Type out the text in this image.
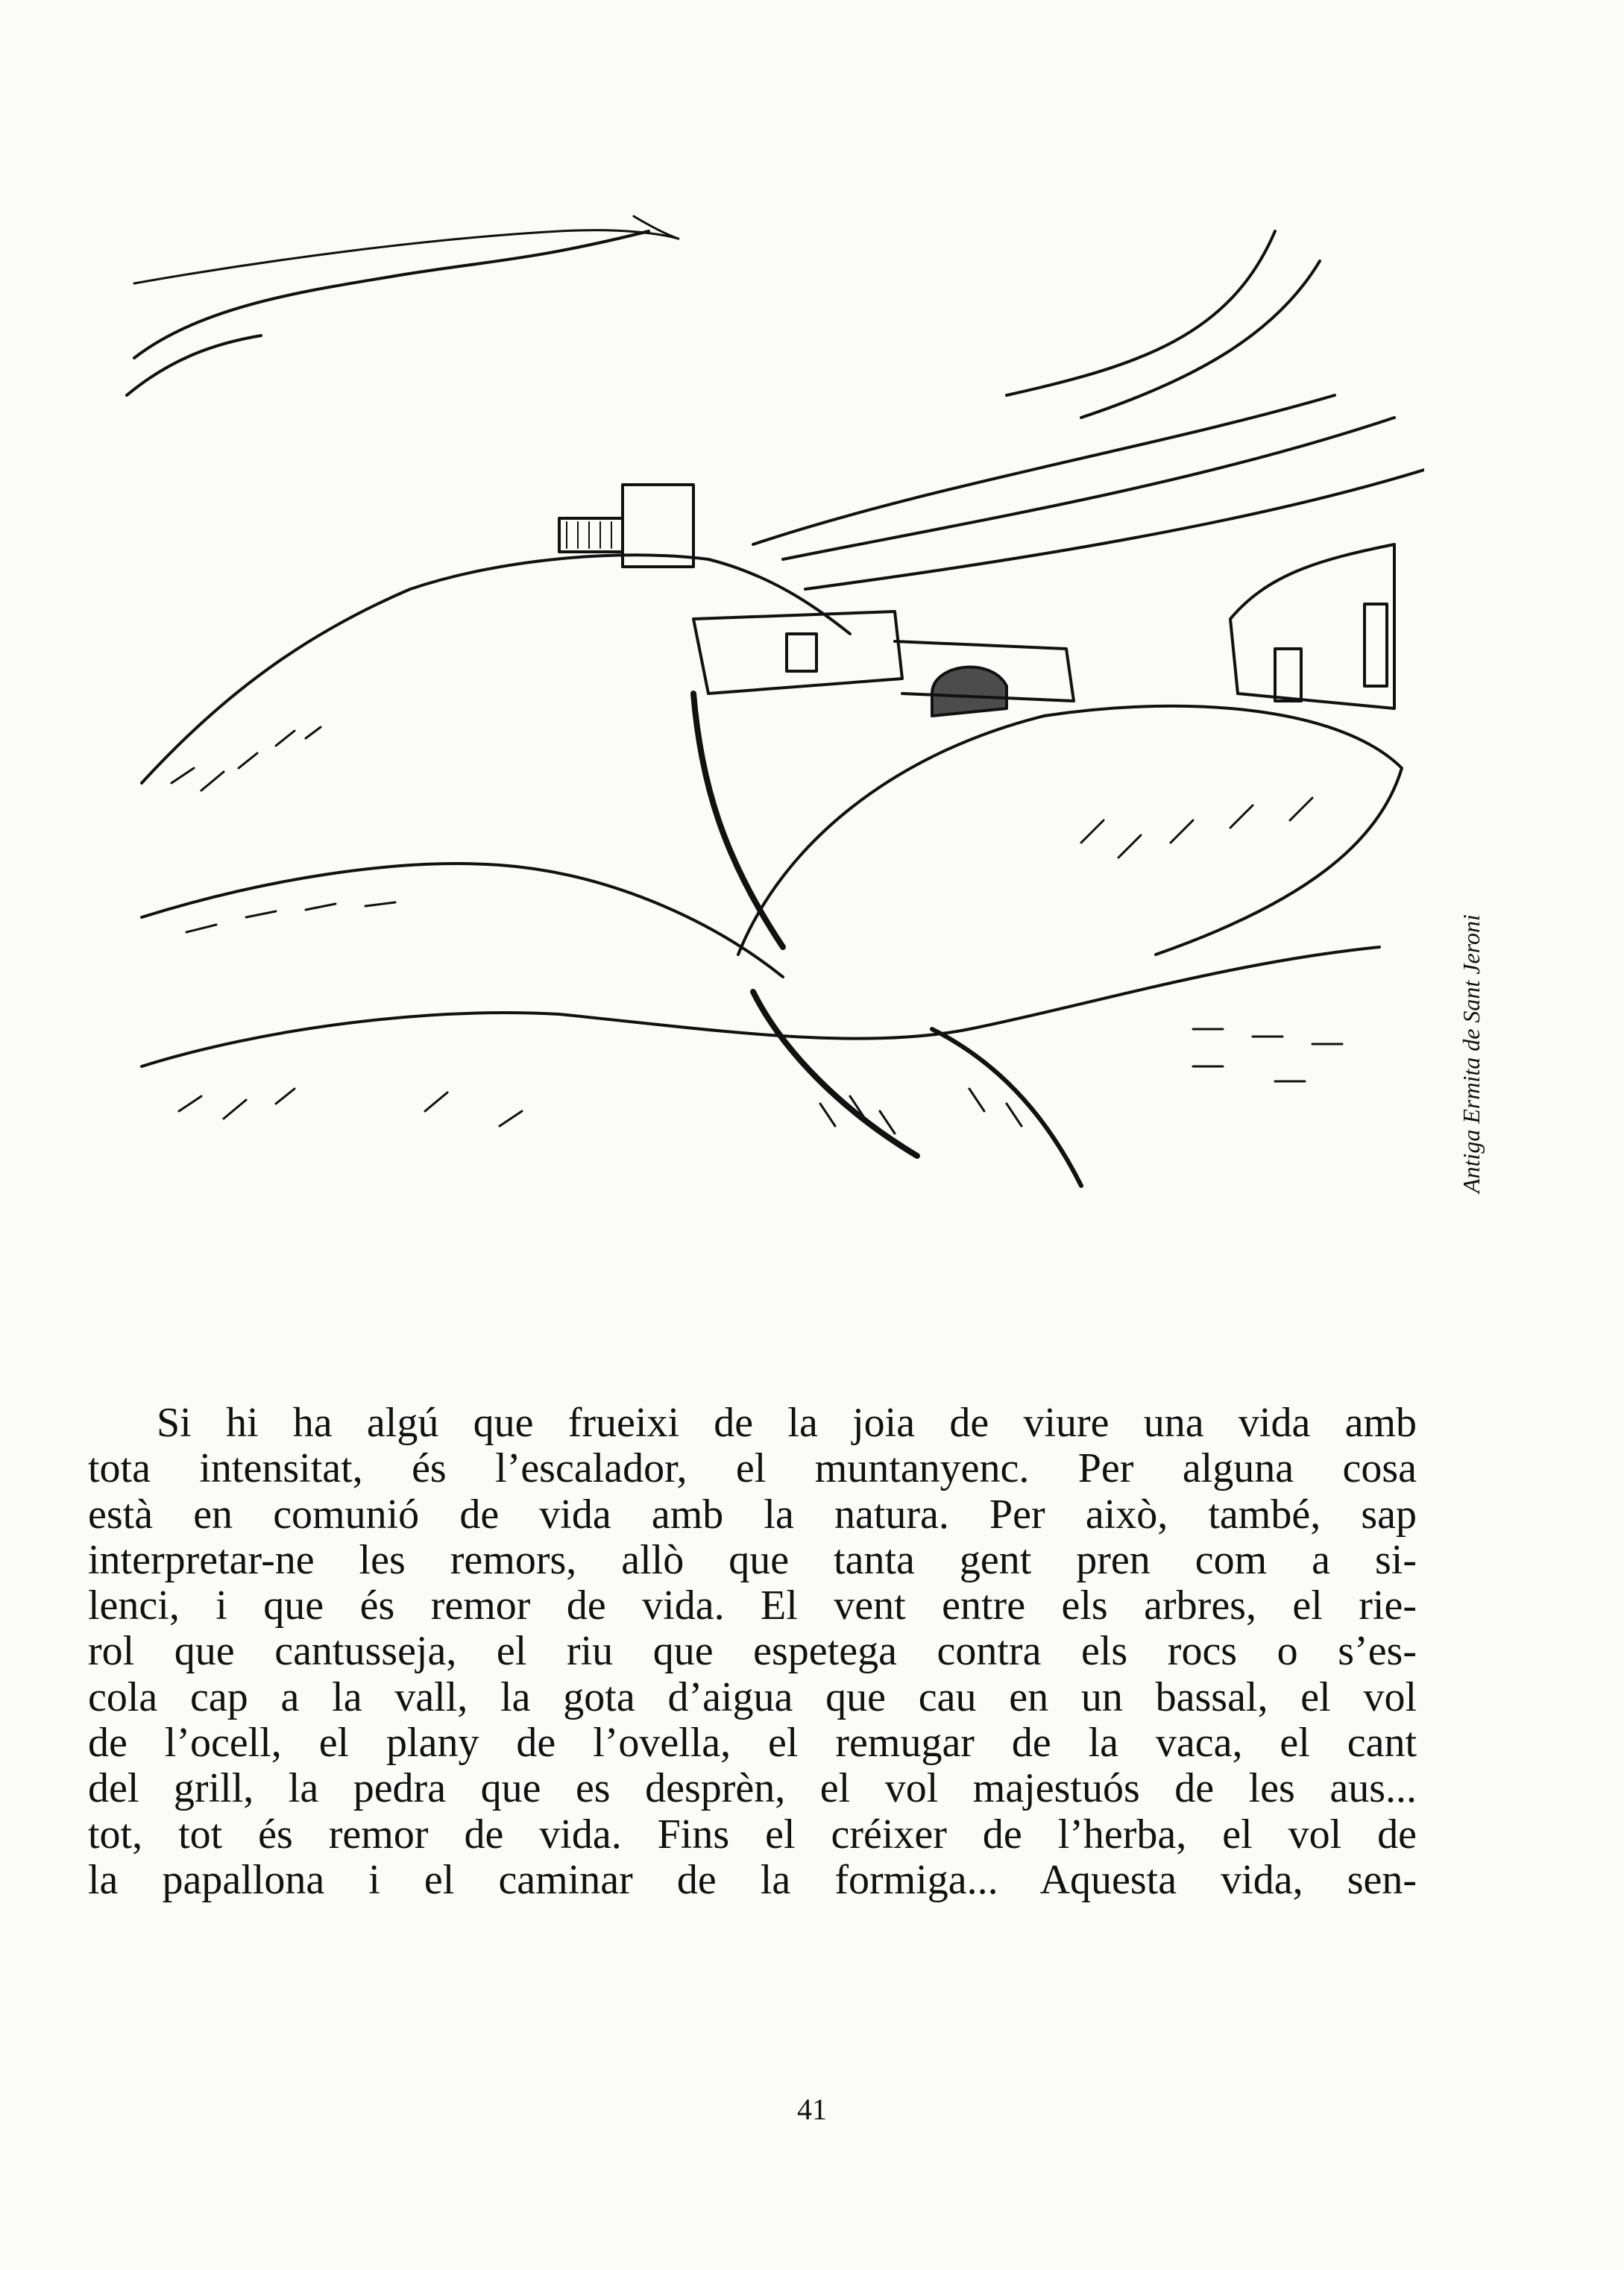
Antiga Ermita de Sant Jeroni
Si hi ha algú que frueixi de la joia de viure una vida amb
tota intensitat, és l’escalador, el muntanyenc. Per alguna cosa
està en comunió de vida amb la natura. Per això, també, sap
interpretar-ne les remors, allò que tanta gent pren com a si-
lenci, i que és remor de vida. El vent entre els arbres, el rie-
rol que cantusseja, el riu que espetega contra els rocs o s’es-
cola cap a la vall, la gota d’aigua que cau en un bassal, el vol
de l’ocell, el plany de l’ovella, el remugar de la vaca, el cant
del grill, la pedra que es desprèn, el vol majestuós de les aus...
tot, tot és remor de vida. Fins el créixer de l’herba, el vol de
la papallona i el caminar de la formiga... Aquesta vida, sen-
41
